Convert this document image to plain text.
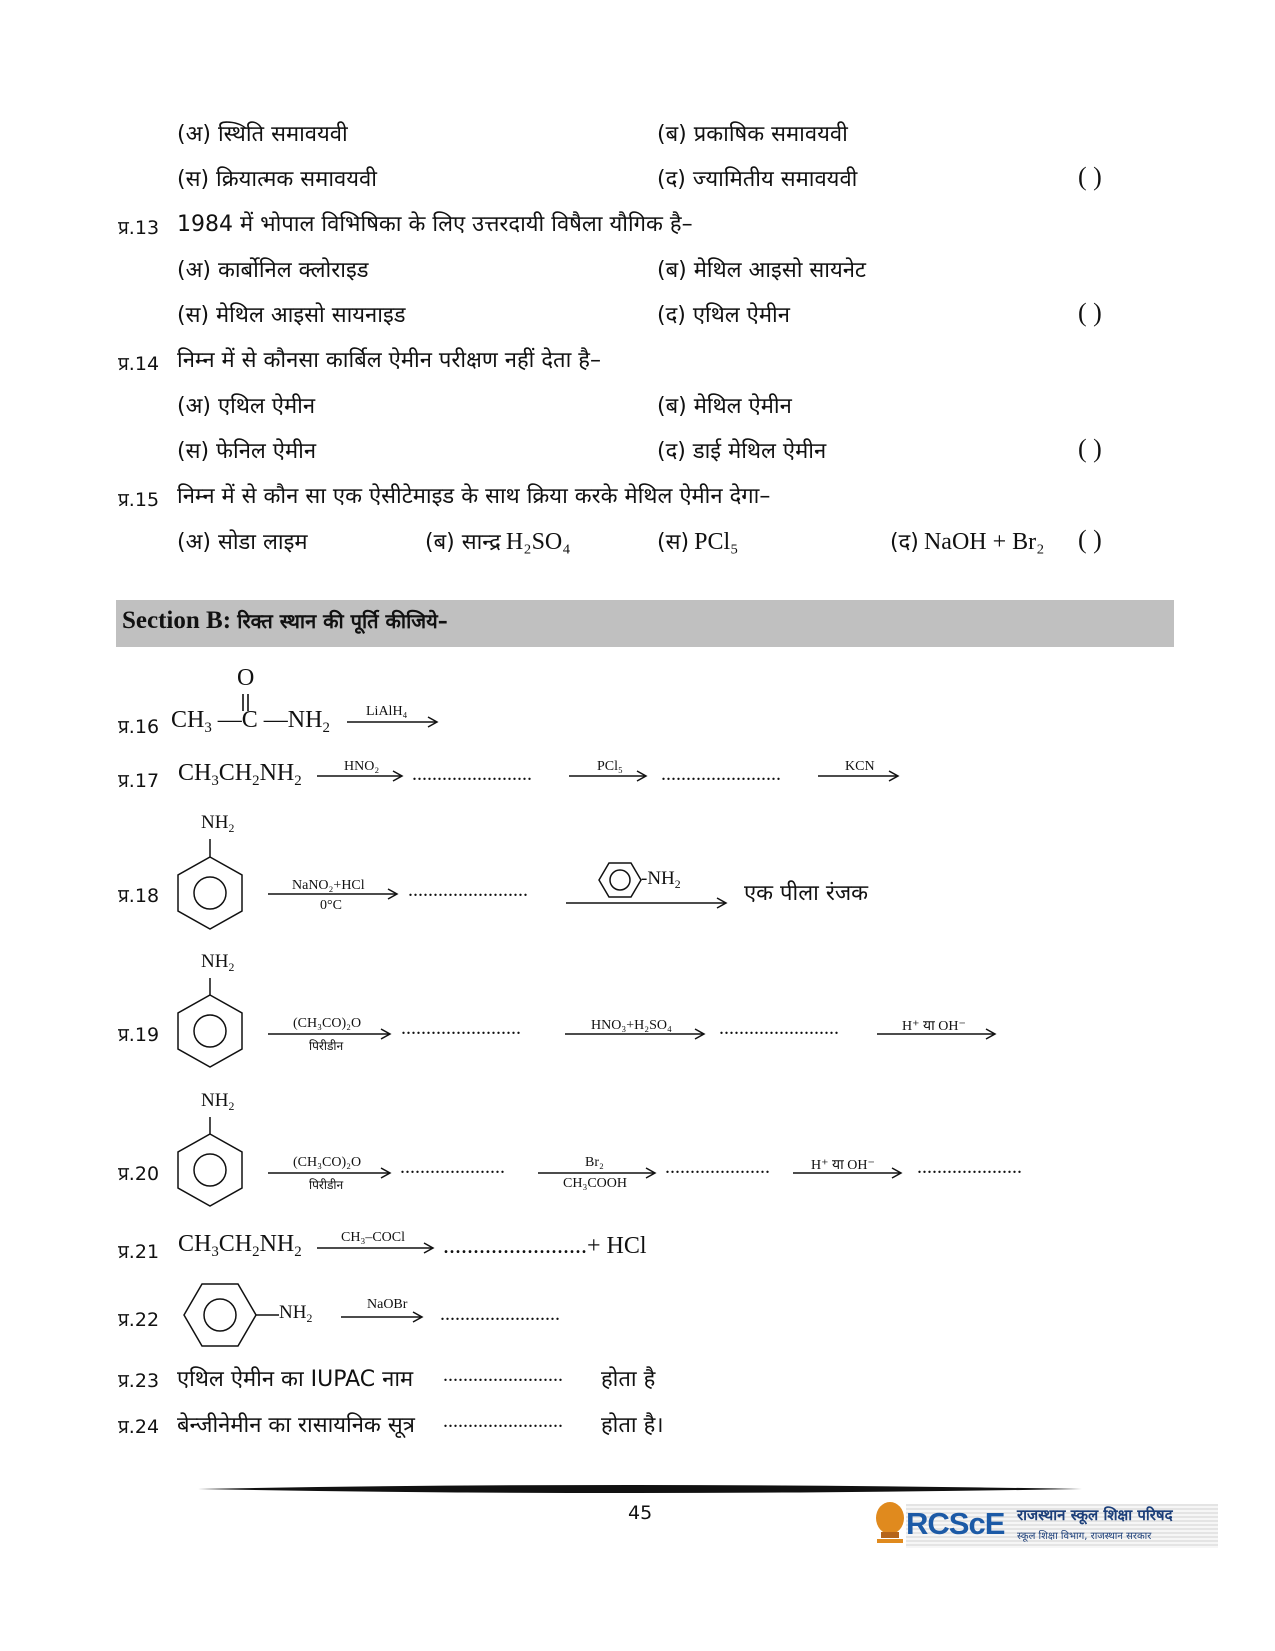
(अ) स्थिति समावयवी	(ब) प्रकाषिक समावयवी
(स) क्रियात्मक समावयवी	(द) ज्यामितीय समावयवी	( )
प्र.13 1984 में भोपाल विभिषिका के लिए उत्तरदायी विषैला यौगिक है–
(अ) कार्बोनिल क्लोराइड	(ब) मेथिल आइसो सायनेट
(स) मेथिल आइसो सायनाइड	(द) एथिल ऐमीन	( )
प्र.14 निम्न में से कौनसा कार्बिल ऐमीन परीक्षण नहीं देता है–
(अ) एथिल ऐमीन	(ब) मेथिल ऐमीन
(स) फेनिल ऐमीन	(द) डाई मेथिल ऐमीन	( )
प्र.15 निम्न में से कौन सा एक ऐसीटेमाइड के साथ क्रिया करके मेथिल ऐमीन देगा–
(अ) सोडा लाइम	(ब) सान्द्र H₂SO₄	(स) PCl₅	(द) NaOH + Br₂ ( )
Section B: रिक्त स्थान की पूर्ति कीजिये–
प्र.16
O
$CH_3$ —C $—NH_2$
LiAlH₄
प्र.17 $CH_3CH_2NH_2$
HNO₂ ........................	PCl₅ ........................	KCN
प्र.18
$NH_2$
NaNO₂+HCl
0°C
........................
$-NH_2$	एक पीला रंजक
प्र.19
$NH_2$
(CH₃CO)₂O
पिरीडीन
........................	HNO₃+H₂SO₄ ........................	H⁺ या OH⁻
प्र.20
$NH_2$
(CH₃CO)₂O
पिरीडीन
.....................	Br₂
CH₃COOH
.....................	H⁺ या OH⁻ .....................
प्र.21 $CH_3CH_2NH_2$
CH₃–COCl ........................+ HCl
प्र.22	$NH_2$
NaOBr ........................
प्र.23 एथिल ऐमीन का IUPAC नाम ........................ होता है
प्र.24 बेन्जीनेमीन का रासायनिक सूत्र ........................ होता है।
45	RCScE राजस्थान स्कूल शिक्षा परिषद
स्कूल शिक्षा विभाग, राजस्थान सरकार
